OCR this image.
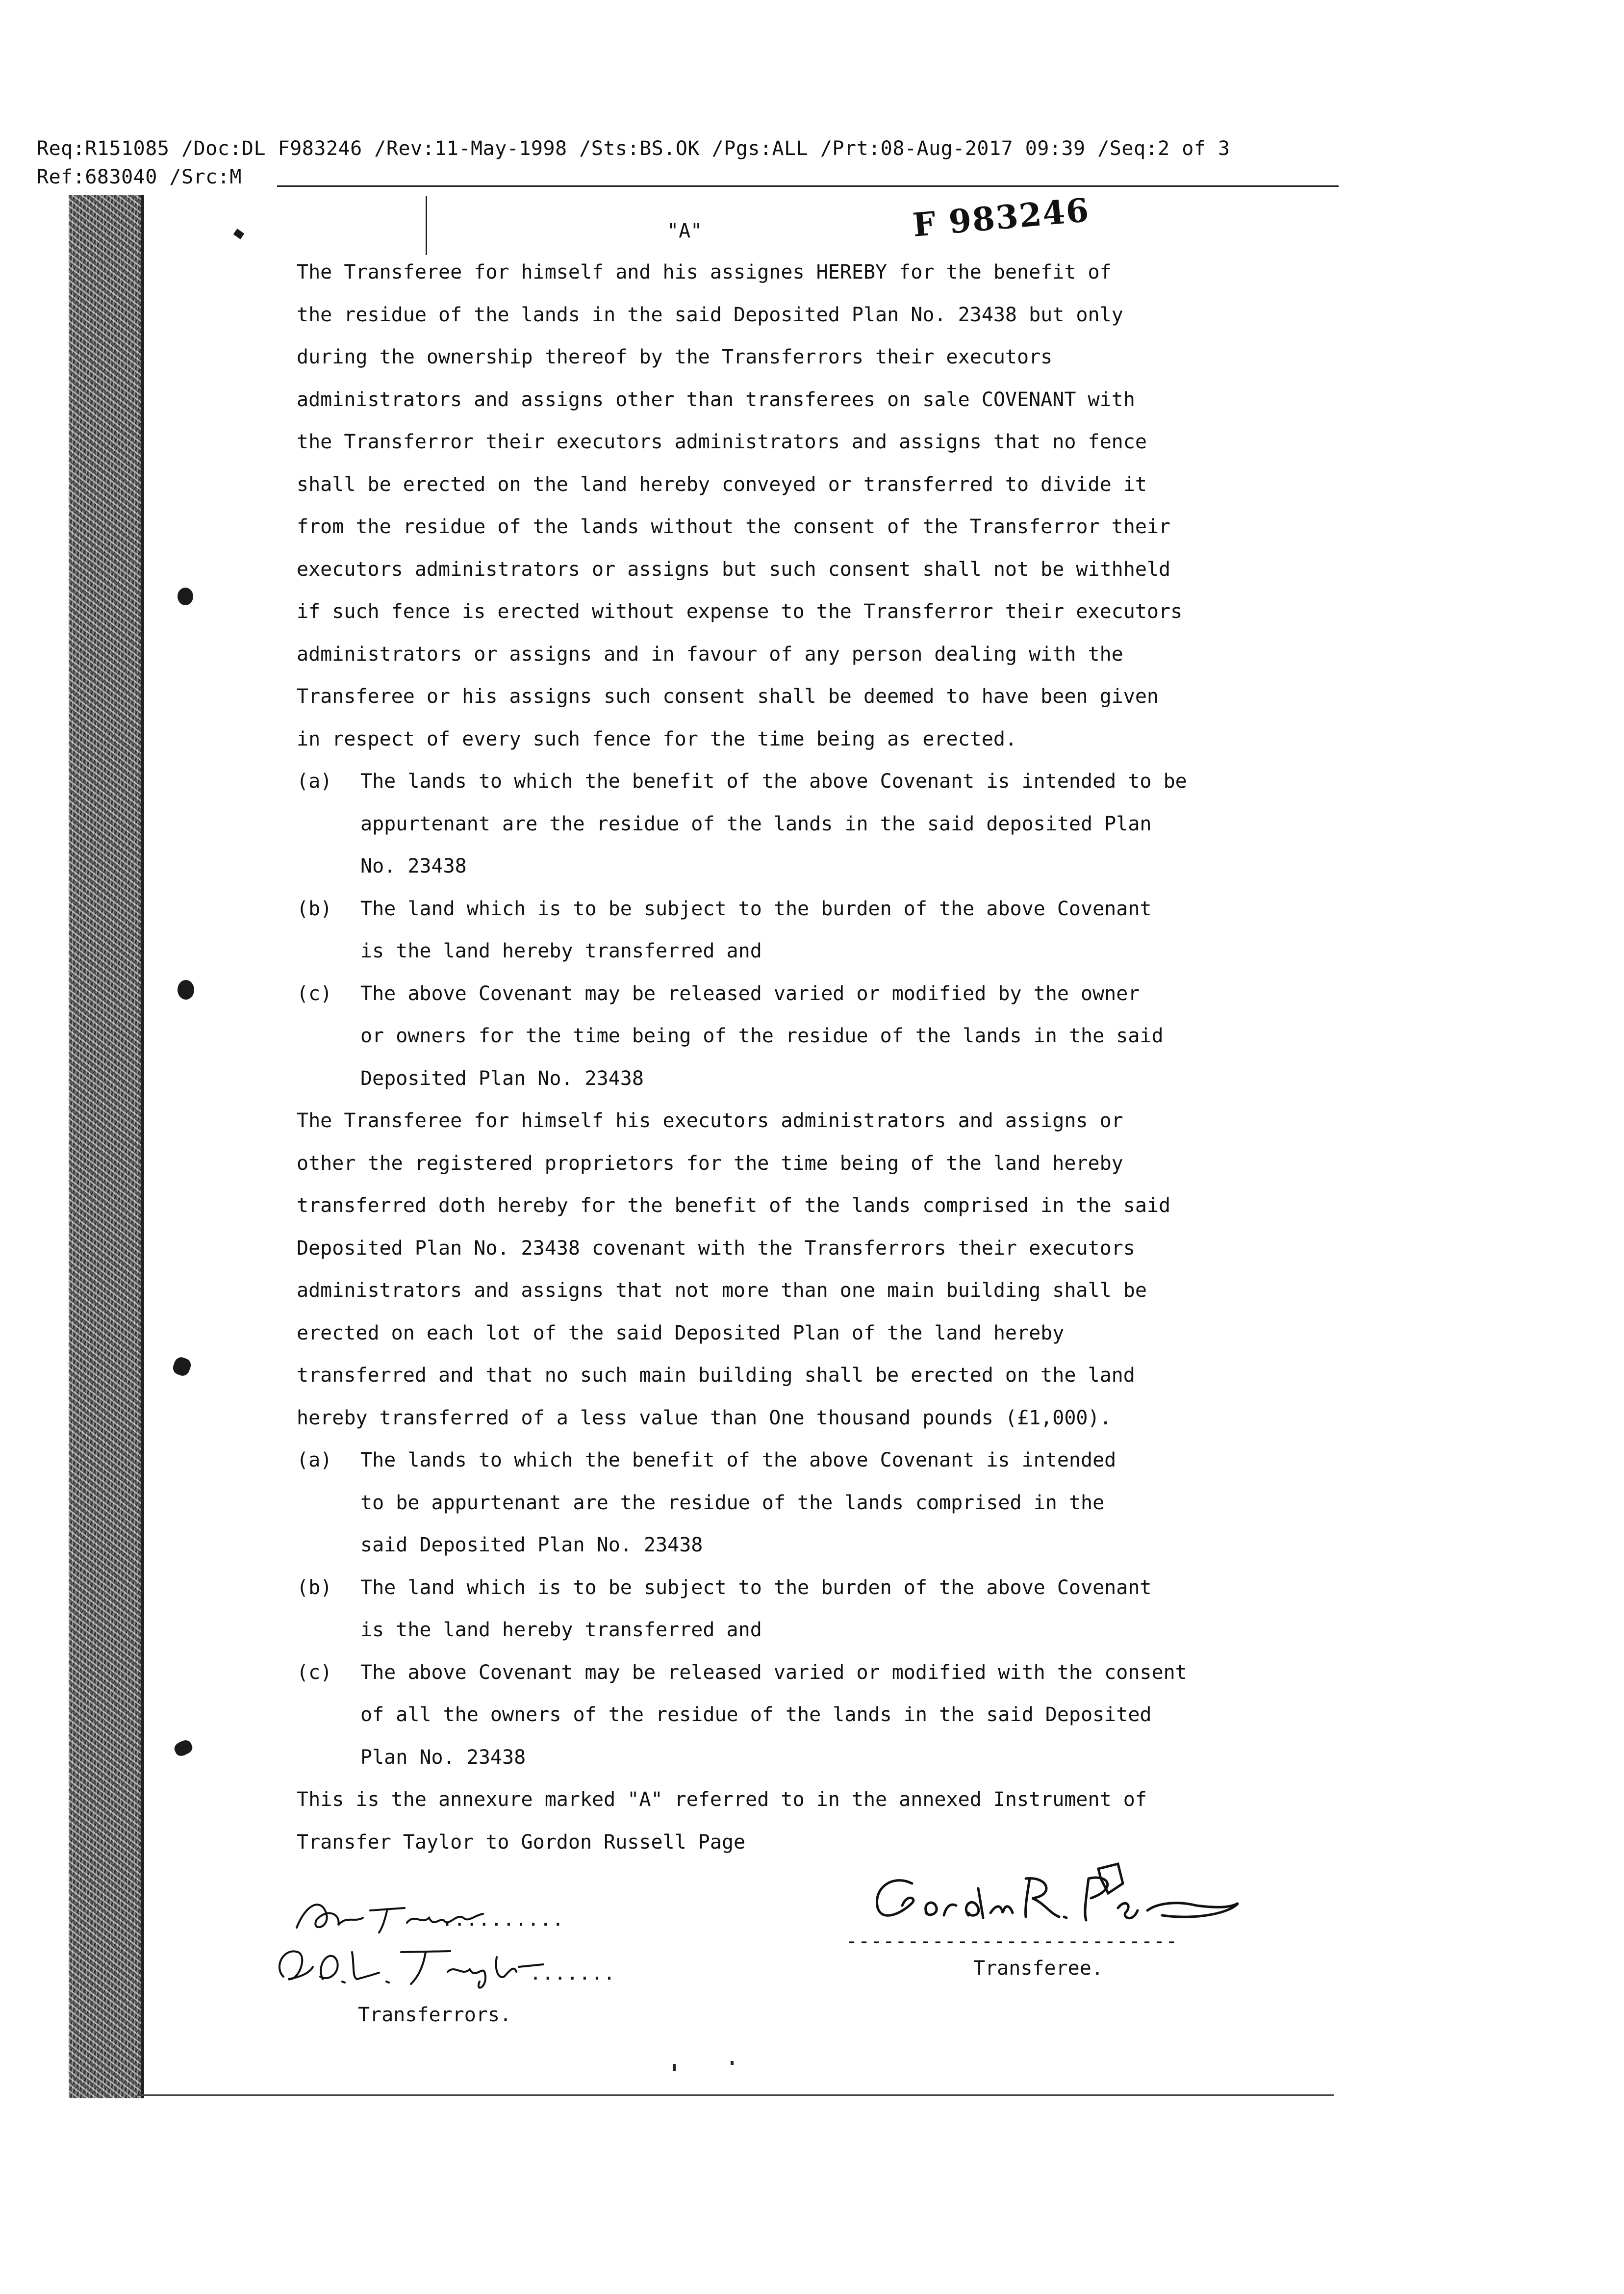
Req:R151085 /Doc:DL F983246 /Rev:11-May-1998 /Sts:BS.OK /Pgs:ALL /Prt:08-Aug-2017 09:39 /Seq:2 of 3
Ref:683040 /Src:M
"A"	F 983246
The Transferee for himself and his assignes HEREBY for the benefit of
the residue of the lands in the said Deposited Plan No. 23438 but only
during the ownership thereof by the Transferrors their executors
administrators and assigns other than transferees on sale COVENANT with
the Transferror their executors administrators and assigns that no fence
shall be erected on the land hereby conveyed or transferred to divide it
from the residue of the lands without the consent of the Transferror their
executors administrators or assigns but such consent shall not be withheld
if such fence is erected without expense to the Transferror their executors
administrators or assigns and in favour of any person dealing with the
Transferee or his assigns such consent shall be deemed to have been given
in respect of every such fence for the time being as erected.
(a) The lands to which the benefit of the above Covenant is intended to be
appurtenant are the residue of the lands in the said deposited Plan
No. 23438
(b) The land which is to be subject to the burden of the above Covenant
is the land hereby transferred and
(c) The above Covenant may be released varied or modified by the owner
or owners for the time being of the residue of the lands in the said
Deposited Plan No. 23438
The Transferee for himself his executors administrators and assigns or
other the registered proprietors for the time being of the land hereby
transferred doth hereby for the benefit of the lands comprised in the said
Deposited Plan No. 23438 covenant with the Transferrors their executors
administrators and assigns that not more than one main building shall be
erected on each lot of the said Deposited Plan of the land hereby
transferred and that no such main building shall be erected on the land
hereby transferred of a less value than One thousand pounds (£1,000).
(a) The lands to which the benefit of the above Covenant is intended
to be appurtenant are the residue of the lands comprised in the
said Deposited Plan No. 23438
(b) The land which is to be subject to the burden of the above Covenant
is the land hereby transferred and
(c) The above Covenant may be released varied or modified with the consent
of all the owners of the residue of the lands in the said Deposited
Plan No. 23438
This is the annexure marked "A" referred to in the annexed Instrument of
Transfer Taylor to Gordon Russell Page
..........
.......
Transferrors.
---------------------------
Transferee.
